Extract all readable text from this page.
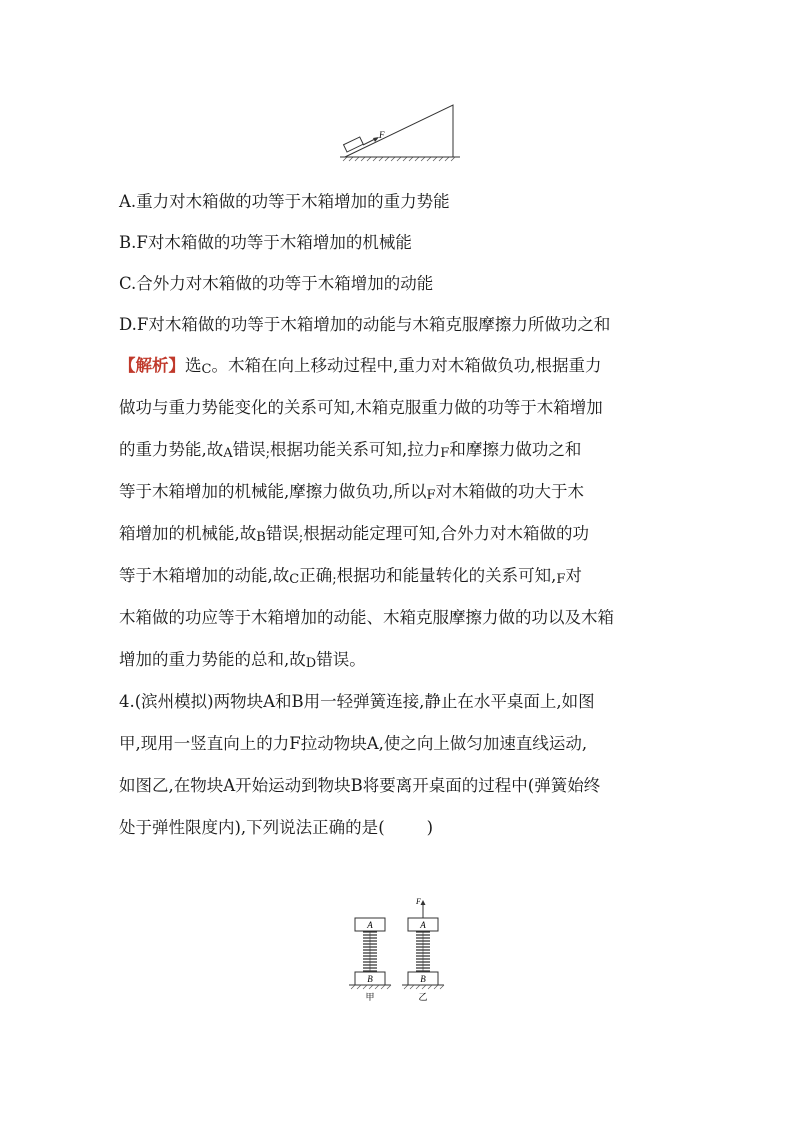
F
A.重力对木箱做的功等于木箱增加的重力势能
B.F对木箱做的功等于木箱增加的机械能
C.合外力对木箱做的功等于木箱增加的动能
D.F对木箱做的功等于木箱增加的动能与木箱克服摩擦力所做功之和
【解析】选C。木箱在向上移动过程中,重力对木箱做负功,根据重力
做功与重力势能变化的关系可知,木箱克服重力做的功等于木箱增加
的重力势能,故A错误;根据功能关系可知,拉力F和摩擦力做功之和
等于木箱增加的机械能,摩擦力做负功,所以F对木箱做的功大于木
箱增加的机械能,故B错误;根据动能定理可知,合外力对木箱做的功
等于木箱增加的动能,故C正确;根据功和能量转化的关系可知,F对
木箱做的功应等于木箱增加的动能、木箱克服摩擦力做的功以及木箱
增加的重力势能的总和,故D错误。
4.(滨州模拟)两物块A和B用一轻弹簧连接,静止在水平桌面上,如图
甲,现用一竖直向上的力F拉动物块A,使之向上做匀加速直线运动,
如图乙,在物块A开始运动到物块B将要离开桌面的过程中(弹簧始终
处于弹性限度内),下列说法正确的是(        )
A
B
甲
F
A
B
乙
